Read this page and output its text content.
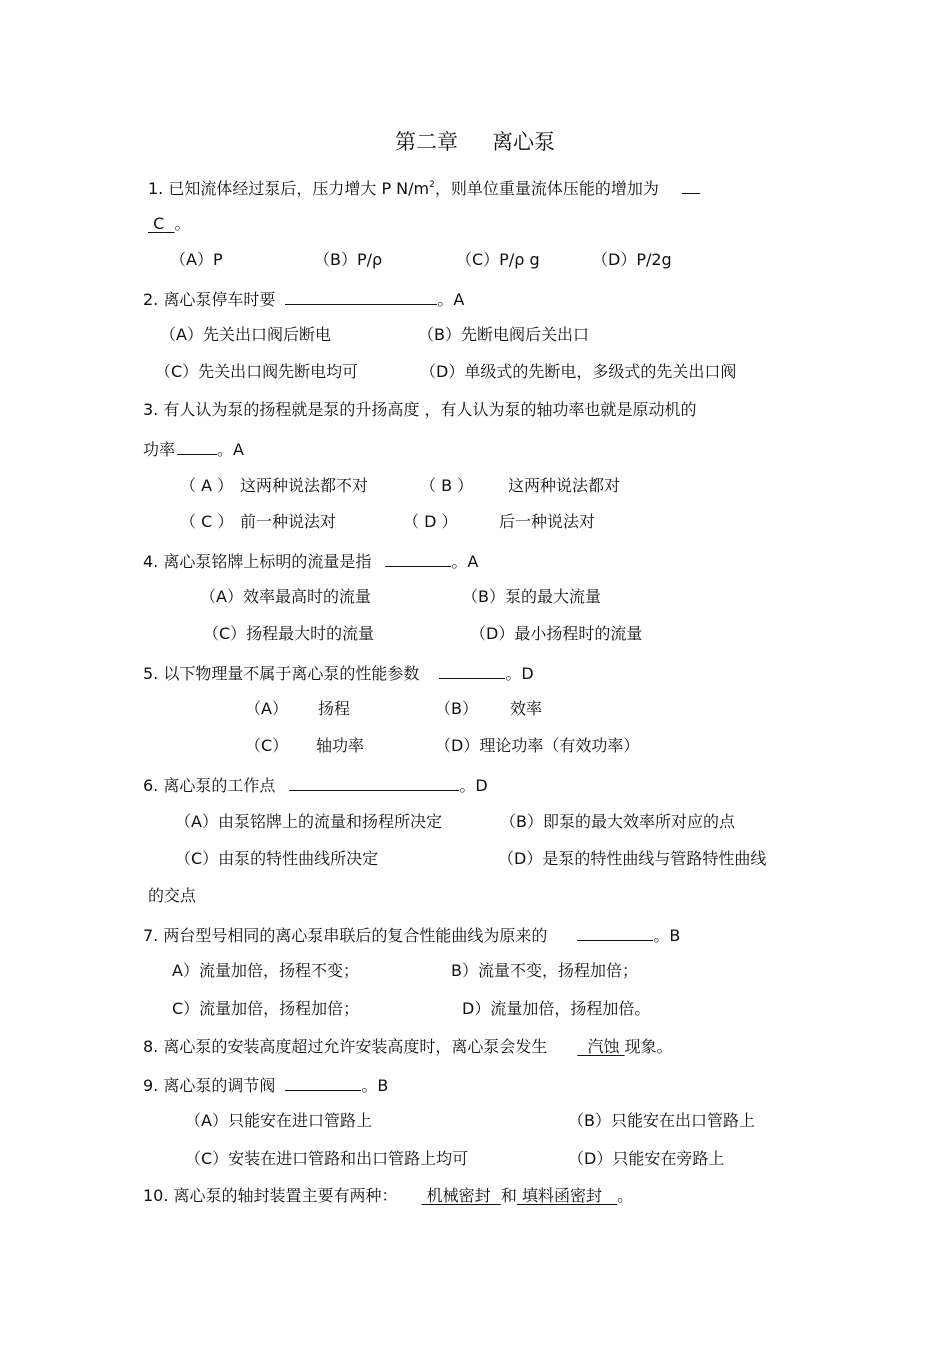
第二章 离心泵
1. 已知流体经过泵后，压力增大 P $N/m^2$，则单位重量流体压能的增加为
C 。
（A）P	（B）P/ρ	（C）P/ρ g	（D）P/2g
2. 离心泵停车时要	。A
（A）先关出口阀后断电	（B）先断电阀后关出口
（C）先关出口阀先断电均可	（D）单级式的先断电，多级式的先关出口阀
3. 有人认为泵的扬程就是泵的升扬高度 ，有人认为泵的轴功率也就是原动机的
功率	。A
（ A ） 这两种说法都不对	（ B ） 这两种说法都对
（ C ） 前一种说法对	（ D ）	后一种说法对
4. 离心泵铭牌上标明的流量是指	。A
（A）效率最高时的流量	（B）泵的最大流量
（C）扬程最大时的流量	（D）最小扬程时的流量
5. 以下物理量不属于离心泵的性能参数	。D
（A） 扬程	（B） 效率
（C） 轴功率	（D）理论功率（有效功率）
6. 离心泵的工作点	。D
（A）由泵铭牌上的流量和扬程所决定	（B）即泵的最大效率所对应的点
（C）由泵的特性曲线所决定	（D）是泵的特性曲线与管路特性曲线
的交点
7. 两台型号相同的离心泵串联后的复合性能曲线为原来的	。B
A）流量加倍，扬程不变；	B）流量不变，扬程加倍；
C）流量加倍，扬程加倍；	D）流量加倍，扬程加倍。
8. 离心泵的安装高度超过允许安装高度时，离心泵会发生	汽蚀 现象。
9. 离心泵的调节阀	。B
（A）只能安在进口管路上	（B）只能安在出口管路上
（C）安装在进口管路和出口管路上均可	（D）只能安在旁路上
10. 离心泵的轴封装置主要有两种： 机械密封 和 填料函密封 。
